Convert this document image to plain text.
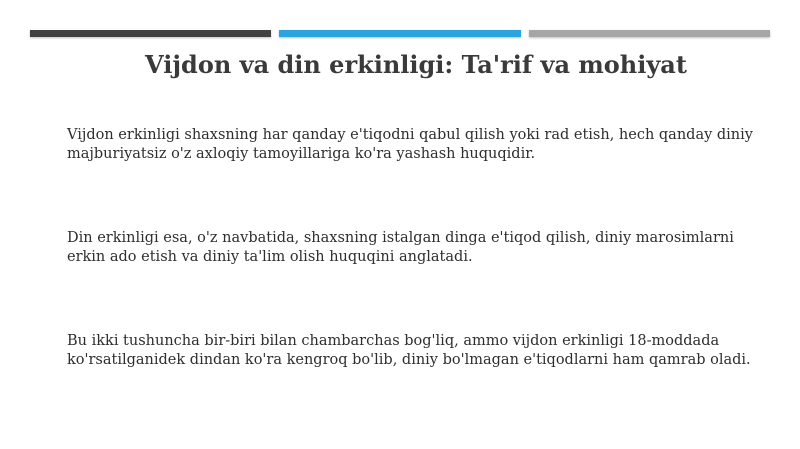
Vijdon va din erkinligi: Ta'rif va mohiyat

Vijdon erkinligi shaxsning har qanday e'tiqodni qabul qilish yoki rad etish, hech qanday diniy majburiyatsiz o'z axloqiy tamoyillariga ko'ra yashash huquqidir.

Din erkinligi esa, o'z navbatida, shaxsning istalgan dinga e'tiqod qilish, diniy marosimlarni erkin ado etish va diniy ta'lim olish huquqini anglatadi.

Bu ikki tushuncha bir-biri bilan chambarchas bog'liq, ammo vijdon erkinligi 18-moddada ko'rsatilganidek dindan ko'ra kengroq bo'lib, diniy bo'lmagan e'tiqodlarni ham qamrab oladi.
